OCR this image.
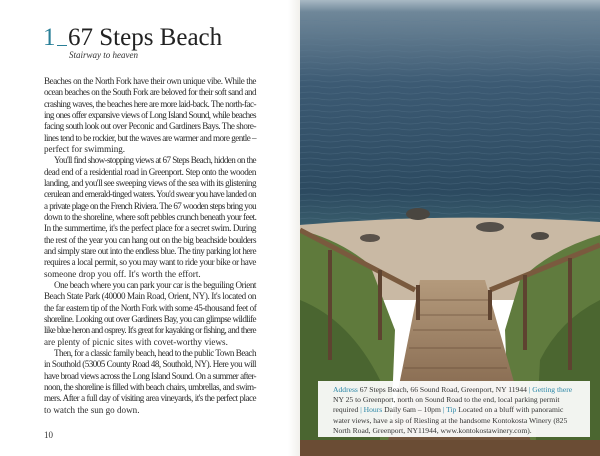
1 67 Steps Beach
Stairway to heaven
Beaches on the North Fork have their own unique vibe. While the
ocean beaches on the South Fork are beloved for their soft sand and
crashing waves, the beaches here are more laid-back. The north-fac-
ing ones offer expansive views of Long Island Sound, while beaches
facing south look out over Peconic and Gardiners Bays. The shore-
lines tend to be rockier, but the waves are warmer and more gentle –
perfect for swimming.
You'll find show-stopping views at 67 Steps Beach, hidden on the
dead end of a residential road in Greenport. Step onto the wooden
landing, and you'll see sweeping views of the sea with its glistening
cerulean and emerald-tinged waters. You'd swear you have landed on
a private plage on the French Riviera. The 67 wooden steps bring you
down to the shoreline, where soft pebbles crunch beneath your feet.
In the summertime, it's the perfect place for a secret swim. During
the rest of the year you can hang out on the big beachside boulders
and simply stare out into the endless blue. The tiny parking lot here
requires a local permit, so you may want to ride your bike or have
someone drop you off. It's worth the effort.
One beach where you can park your car is the beguiling Orient
Beach State Park (40000 Main Road, Orient, NY). It's located on
the far eastern tip of the North Fork with some 45-thousand feet of
shoreline. Looking out over Gardiners Bay, you can glimpse wildlife
like blue heron and osprey. It's great for kayaking or fishing, and there
are plenty of picnic sites with covet-worthy views.
Then, for a classic family beach, head to the public Town Beach
in Southold (53005 County Road 48, Southold, NY). Here you will
have broad views across the Long Island Sound. On a summer after-
noon, the shoreline is filled with beach chairs, umbrellas, and swim-
mers. After a full day of visiting area vineyards, it's the perfect place
to watch the sun go down.
10
Address 67 Steps Beach, 66 Sound Road, Greenport, NY 11944 | Getting there NY 25 to Greenport, north on Sound Road to the end, local parking permit required | Hours Daily 6am – 10pm | Tip Located on a bluff with panoramic water views, have a sip of Riesling at the handsome Kontokosta Winery (825 North Road, Greenport, NY11944, www.kontokostawinery.com).
